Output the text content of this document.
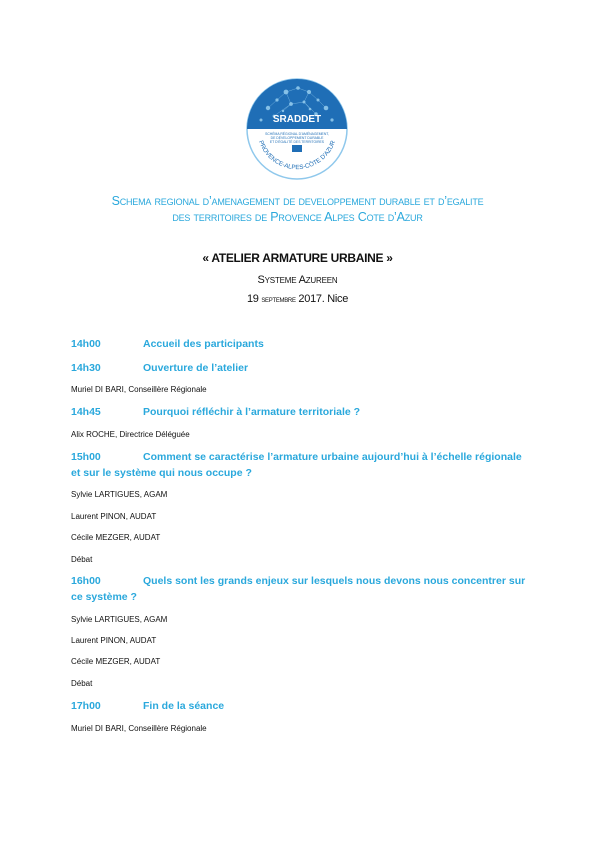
SRADDET
SCHÉMA RÉGIONAL D'AMÉNAGEMENT,
DE DÉVELOPPEMENT DURABLE
ET D'ÉGALITÉ DES TERRITOIRES
PROVENCE-ALPES-CÔTE D'AZUR
Schema regional d’amenagement de developpement durable et d’egalite
des territoires de Provence Alpes Cote d’Azur
« ATELIER ARMATURE URBAINE »
Systeme Azureen
19 septembre 2017. Nice
14h00	Accueil des participants
14h30	Ouverture de l’atelier
Muriel DI BARI, Conseillère Régionale
14h45	Pourquoi réfléchir à l’armature territoriale ?
Alix ROCHE, Directrice Déléguée
15h00	Comment se caractérise l’armature urbaine aujourd’hui à l’échelle régionale et sur le système qui nous occupe ?
Sylvie LARTIGUES, AGAM
Laurent PINON, AUDAT
Cécile MEZGER, AUDAT
Débat
16h00	Quels sont les grands enjeux sur lesquels nous devons nous concentrer sur ce système ?
Sylvie LARTIGUES, AGAM
Laurent PINON, AUDAT
Cécile MEZGER, AUDAT
Débat
17h00	Fin de la séance
Muriel DI BARI, Conseillère Régionale
